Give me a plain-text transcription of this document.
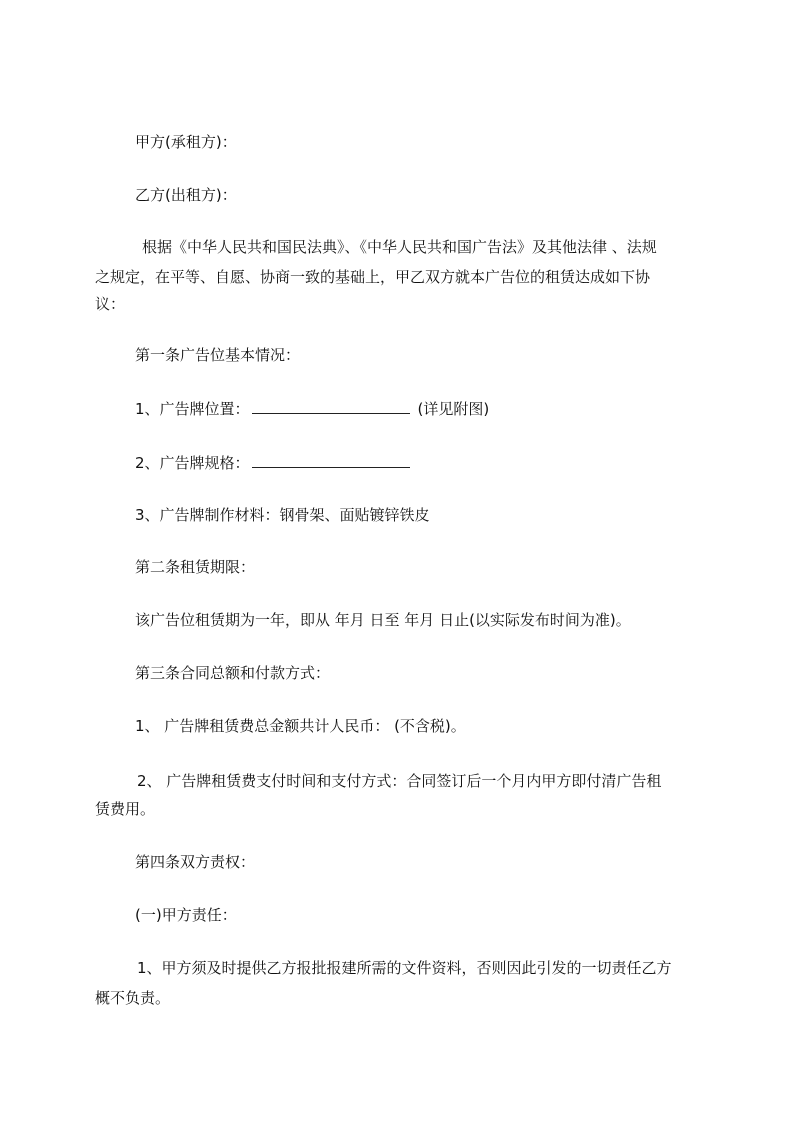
甲方(承租方)：

乙方(出租方)：

根据《中华人民共和国民法典》、《中华人民共和国广告法》及其他法律 、法规

之规定，在平等、自愿、协商一致的基础上，甲乙双方就本广告位的租赁达成如下协

议：

第一条广告位基本情况：

1、广告牌位置：	(详见附图)

2、广告牌规格：

3、广告牌制作材料：钢骨架、面贴镀锌铁皮

第二条租赁期限：

该广告位租赁期为一年，即从 年月 日至 年月 日止(以实际发布时间为准)。

第三条合同总额和付款方式：

1、 广告牌租赁费总金额共计人民币： (不含税)。

2、 广告牌租赁费支付时间和支付方式：合同签订后一个月内甲方即付清广告租

赁费用。

第四条双方责权：

(一)甲方责任：

1、甲方须及时提供乙方报批报建所需的文件资料，否则因此引发的一切责任乙方

概不负责。
